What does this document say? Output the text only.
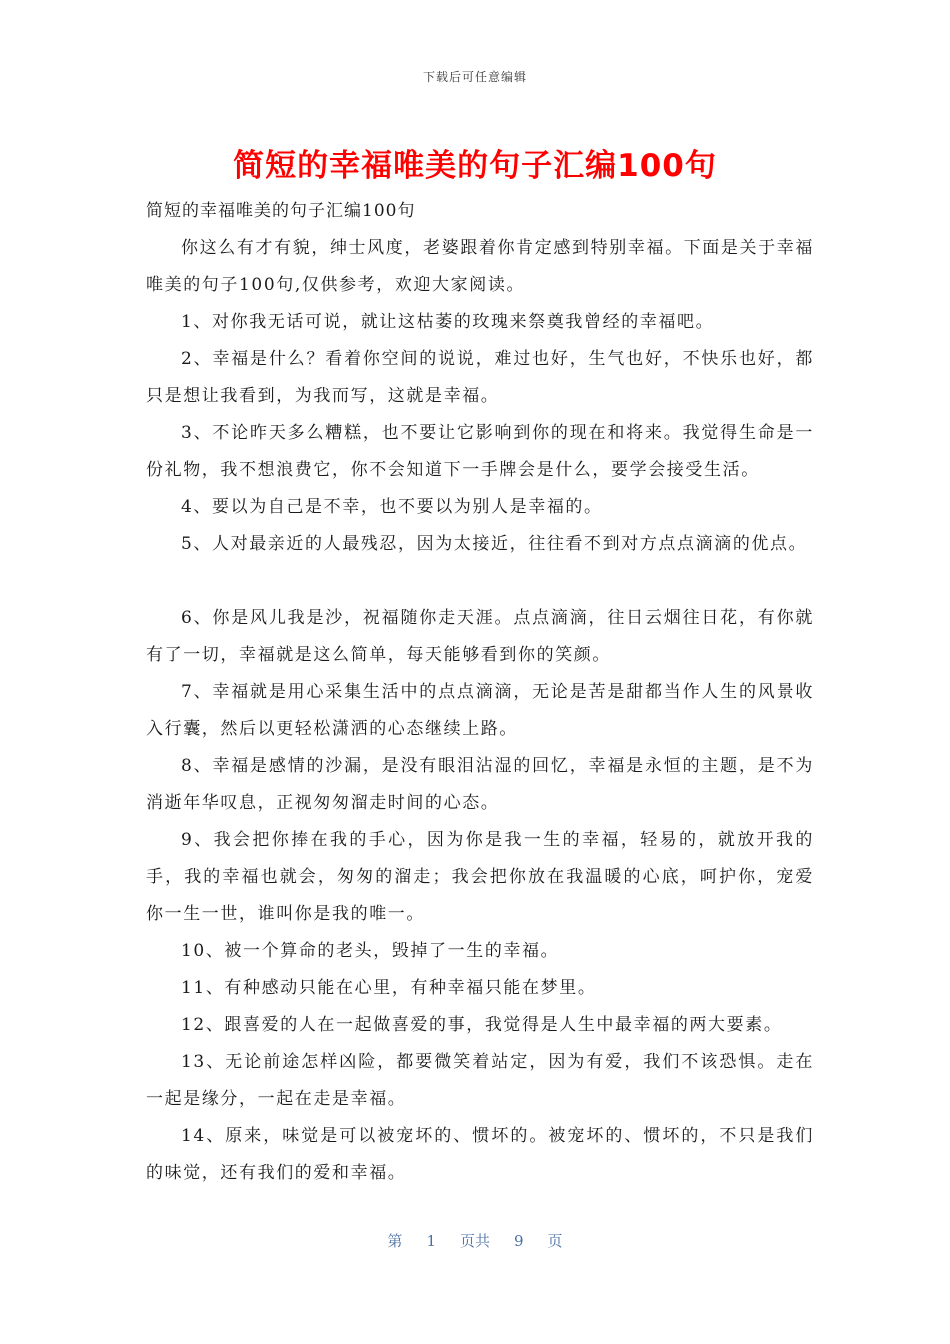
下载后可任意编辑
简短的幸福唯美的句子汇编100句
简短的幸福唯美的句子汇编100句

你这么有才有貌，绅士风度，老婆跟着你肯定感到特别幸福。下面是关于幸福唯美的句子100句,仅供参考，欢迎大家阅读。

1、对你我无话可说，就让这枯萎的玫瑰来祭奠我曾经的幸福吧。

2、幸福是什么？看着你空间的说说，难过也好，生气也好，不快乐也好，都只是想让我看到，为我而写，这就是幸福。

3、不论昨天多么糟糕，也不要让它影响到你的现在和将来。我觉得生命是一份礼物，我不想浪费它，你不会知道下一手牌会是什么，要学会接受生活。

4、要以为自己是不幸，也不要以为别人是幸福的。

5、人对最亲近的人最残忍，因为太接近，往往看不到对方点点滴滴的优点。

6、你是风儿我是沙，祝福随你走天涯。点点滴滴，往日云烟往日花，有你就有了一切，幸福就是这么简单，每天能够看到你的笑颜。

7、幸福就是用心采集生活中的点点滴滴，无论是苦是甜都当作人生的风景收入行囊，然后以更轻松潇洒的心态继续上路。

8、幸福是感情的沙漏，是没有眼泪沾湿的回忆，幸福是永恒的主题，是不为消逝年华叹息，正视匆匆溜走时间的心态。

9、我会把你捧在我的手心，因为你是我一生的幸福，轻易的，就放开我的手，我的幸福也就会，匆匆的溜走；我会把你放在我温暖的心底，呵护你，宠爱你一生一世，谁叫你是我的唯一。

10、被一个算命的老头，毁掉了一生的幸福。

11、有种感动只能在心里，有种幸福只能在梦里。

12、跟喜爱的人在一起做喜爱的事，我觉得是人生中最幸福的两大要素。

13、无论前途怎样凶险，都要微笑着站定，因为有爱，我们不该恐惧。走在一起是缘分，一起在走是幸福。

14、原来，味觉是可以被宠坏的、惯坏的。被宠坏的、惯坏的，不只是我们的味觉，还有我们的爱和幸福。

第 1 页共 9 页
